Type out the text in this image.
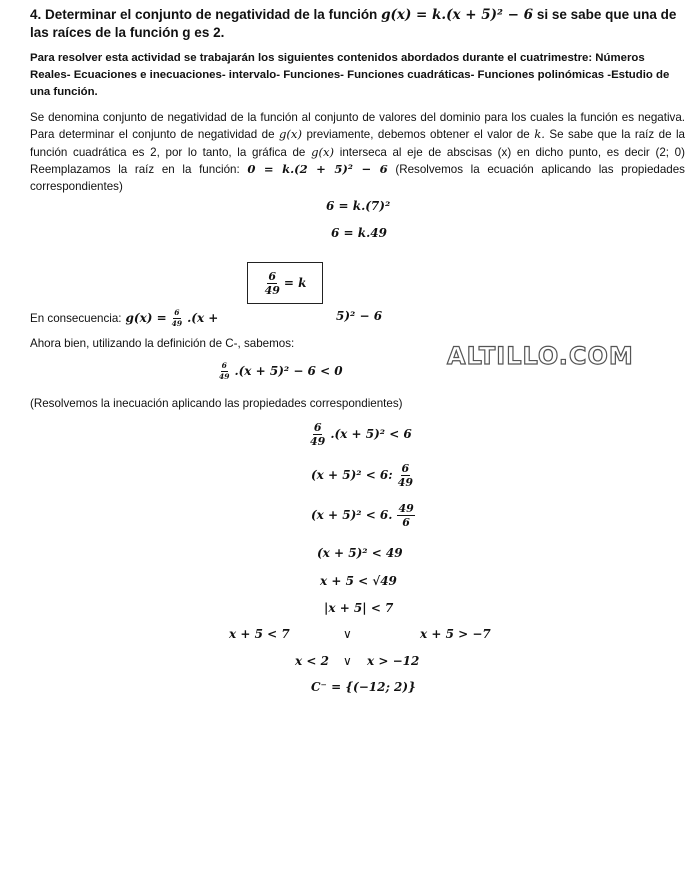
4. Determinar el conjunto de negatividad de la función g(x) = k.(x + 5)² − 6 si se sabe que una de las raíces de la función g es 2.
Para resolver esta actividad se trabajarán los siguientes contenidos abordados durante el cuatrimestre: Números Reales- Ecuaciones e inecuaciones- intervalo- Funciones- Funciones cuadráticas- Funciones polinómicas -Estudio de una función.
Se denomina conjunto de negatividad de la función al conjunto de valores del dominio para los cuales la función es negativa. Para determinar el conjunto de negatividad de g(x) previamente, debemos obtener el valor de k. Se sabe que la raíz de la función cuadrática es 2, por lo tanto, la gráfica de g(x) interseca al eje de abscisas (x) en dicho punto, es decir (2; 0) Reemplazamos la raíz en la función: 0 = k.(2 + 5)² − 6 (Resolvemos la ecuación aplicando las propiedades correspondientes)
6 = k.(7)²
6 = k.49
$\frac{6}{49} = k$
En consecuencia: $g(x) = \frac{6}{49} .(x$ +	5)² − 6
Ahora bien, utilizando la definición de C-, sabemos:	ALTILLO.COM
$\frac{6}{49} .(x + 5)^2 - 6 < 0$
(Resolvemos la inecuación aplicando las propiedades correspondientes)
$\frac{6}{49} .(x + 5)^2 < 6$
(x + 5)² < 6: $\frac{6}{49}$
(x + 5)² < 6. $\frac{49}{6}$
(x + 5)² < 49
x + 5 < √49
|x + 5| < 7
x + 5 < 7	∨	x + 5 > −7
x < 2 ∨ x > −12
C⁻ = {(−12; 2)}
